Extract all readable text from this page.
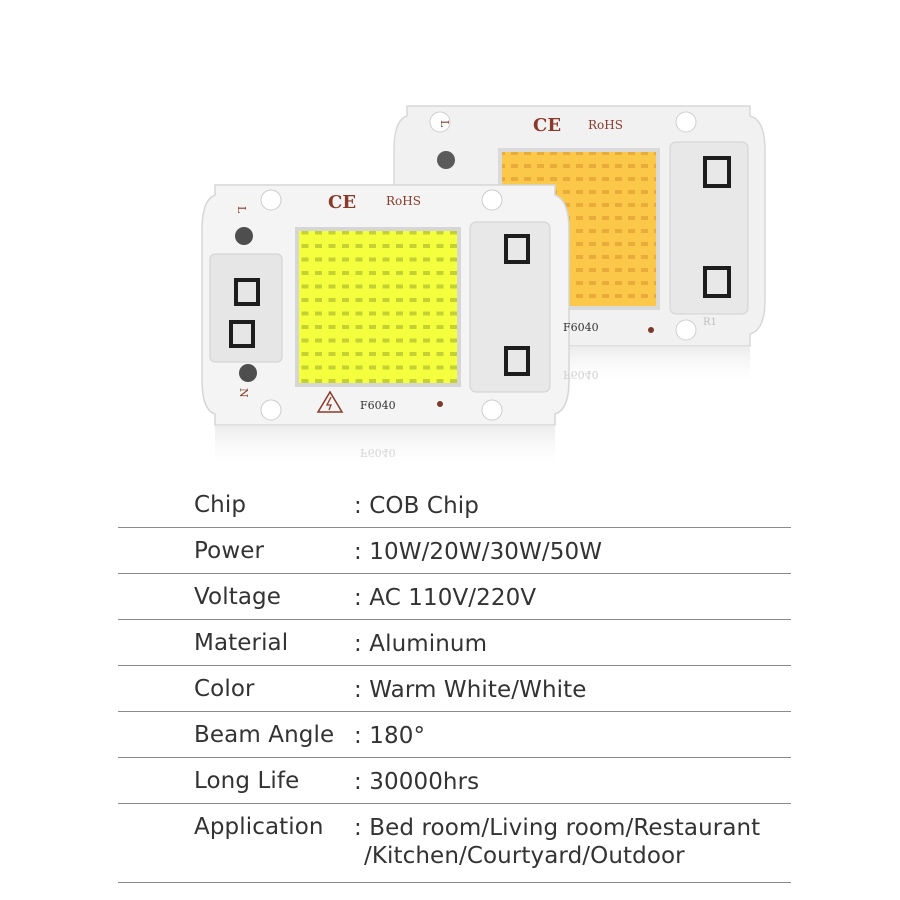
R1
CE RoHS
L
F6040
F6040
CE RoHS
L
N
F6040
F6040
Chip	: COB Chip
Power	: 10W/20W/30W/50W
Voltage	: AC 110V/220V
Material	: Aluminum
Color	: Warm White/White
Beam Angle : 180°
Long Life : 30000hrs
Application : Bed room/Living room/Restaurant
/Kitchen/Courtyard/Outdoor
